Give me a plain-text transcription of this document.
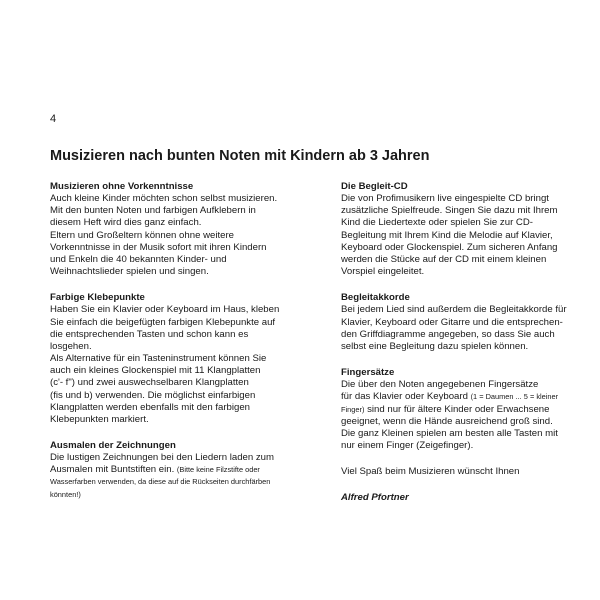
4
Musizieren nach bunten Noten mit Kindern ab 3 Jahren

Musizieren ohne Vorkenntnisse

Auch kleine Kinder möchten schon selbst musizieren.
Mit den bunten Noten und farbigen Aufklebern in
diesem Heft wird dies ganz einfach.
Eltern und Großeltern können ohne weitere
Vorkenntnisse in der Musik sofort mit ihren Kindern
und Enkeln die 40 bekannten Kinder- und
Weihnachtslieder spielen und singen.

Farbige Klebepunkte

Haben Sie ein Klavier oder Keyboard im Haus, kleben
Sie einfach die beigefügten farbigen Klebepunkte auf
die entsprechenden Tasten und schon kann es
losgehen.
Als Alternative für ein Tasteninstrument können Sie
auch ein kleines Glockenspiel mit 11 Klangplatten
(c'- f") und zwei auswechselbaren Klangplatten
(fis und b) verwenden. Die möglichst einfarbigen
Klangplatten werden ebenfalls mit den farbigen
Klebepunkten markiert.

Ausmalen der Zeichnungen

Die lustigen Zeichnungen bei den Liedern laden zum
Ausmalen mit Buntstiften ein. (Bitte keine Filzstifte oder
Wasserfarben verwenden, da diese auf die Rückseiten durchfärben
könnten!)

Die Begleit-CD

Die von Profimusikern live eingespielte CD bringt
zusätzliche Spielfreude. Singen Sie dazu mit Ihrem
Kind die Liedertexte oder spielen Sie zur CD-
Begleitung mit Ihrem Kind die Melodie auf Klavier,
Keyboard oder Glockenspiel. Zum sicheren Anfang
werden die Stücke auf der CD mit einem kleinen
Vorspiel eingeleitet.

Begleitakkorde

Bei jedem Lied sind außerdem die Begleitakkorde für
Klavier, Keyboard oder Gitarre und die entsprechen-
den Griffdiagramme angegeben, so dass Sie auch
selbst eine Begleitung dazu spielen können.

Fingersätze

Die über den Noten angegebenen Fingersätze
für das Klavier oder Keyboard (1 = Daumen ... 5 = kleiner
Finger) sind nur für ältere Kinder oder Erwachsene
geeignet, wenn die Hände ausreichend groß sind.
Die ganz Kleinen spielen am besten alle Tasten mit
nur einem Finger (Zeigefinger).

Viel Spaß beim Musizieren wünscht Ihnen

Alfred Pfortner
